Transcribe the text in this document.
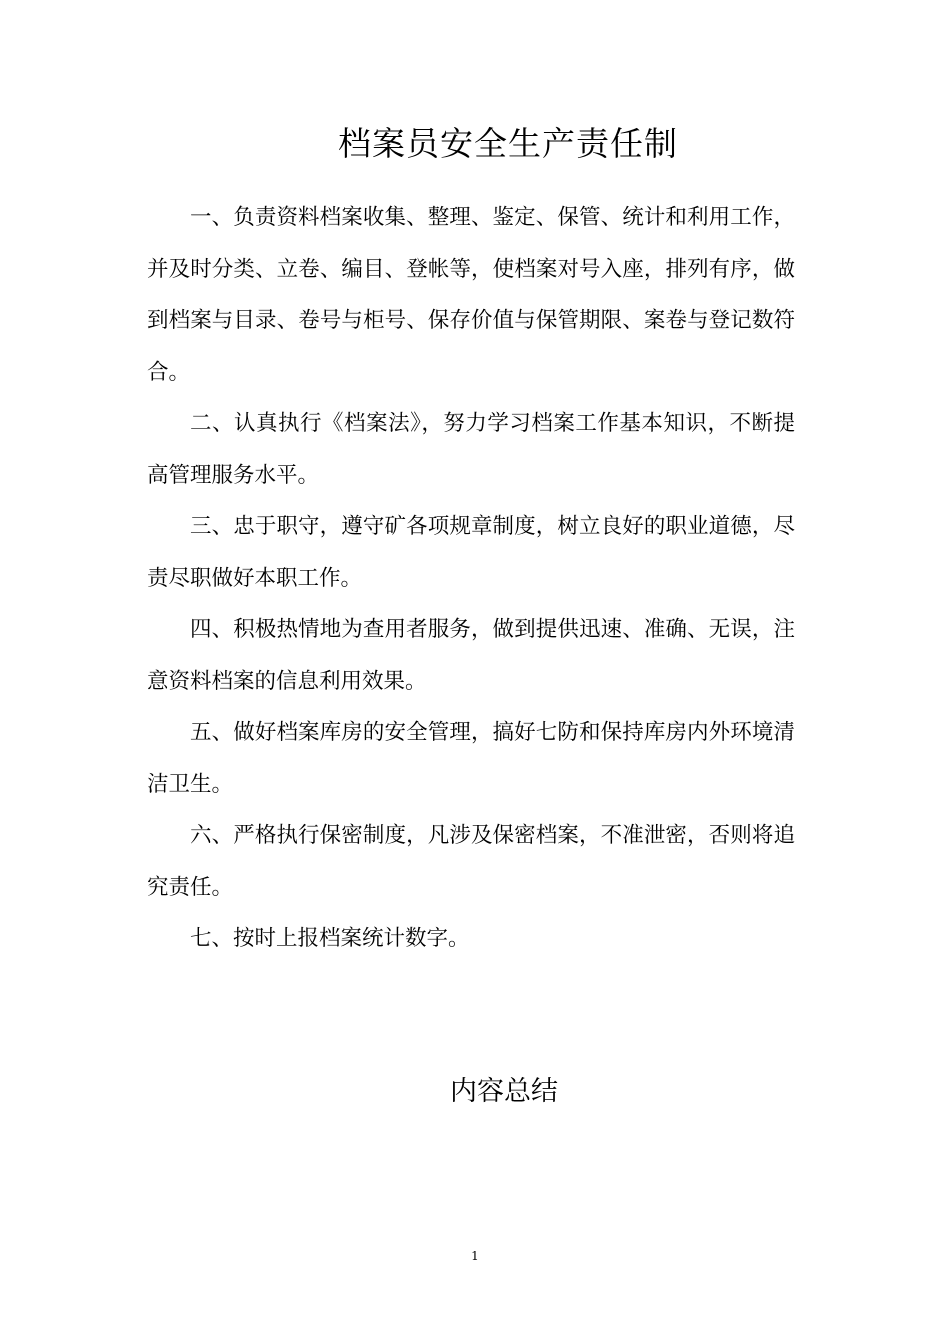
档案员安全生产责任制

一、负责资料档案收集、整理、鉴定、保管、统计和利用工作，并及时分类、立卷、编目、登帐等，使档案对号入座，排列有序，做到档案与目录、卷号与柜号、保存价值与保管期限、案卷与登记数符合。

二、认真执行《档案法》，努力学习档案工作基本知识，不断提高管理服务水平。

三、忠于职守，遵守矿各项规章制度，树立良好的职业道德，尽责尽职做好本职工作。

四、积极热情地为查用者服务，做到提供迅速、准确、无误，注意资料档案的信息利用效果。

五、做好档案库房的安全管理，搞好七防和保持库房内外环境清洁卫生。

六、严格执行保密制度，凡涉及保密档案，不准泄密，否则将追究责任。

七、按时上报档案统计数字。

内容总结
1
